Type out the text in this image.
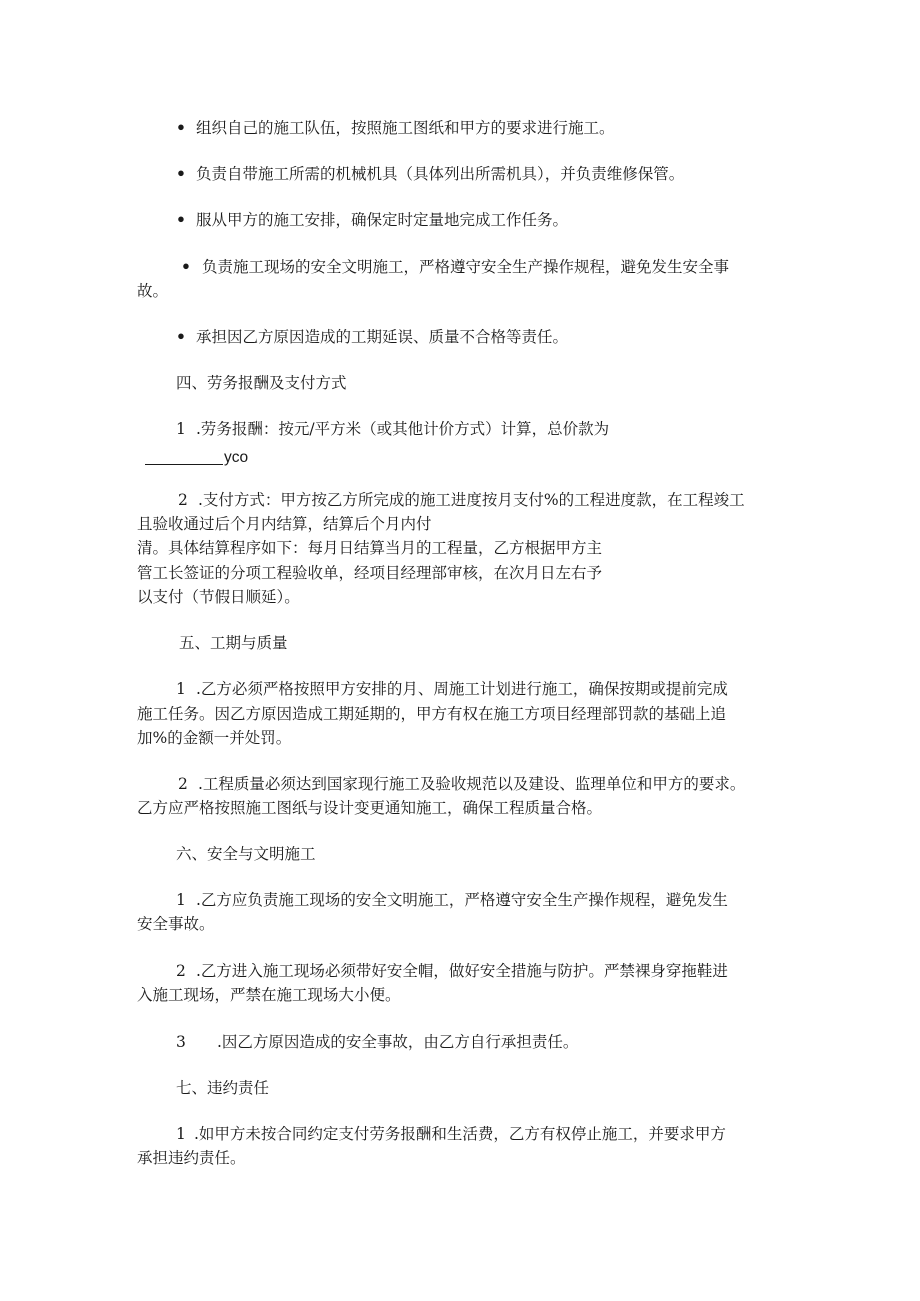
• 组织自己的施工队伍，按照施工图纸和甲方的要求进行施工。
• 负责自带施工所需的机械机具（具体列出所需机具），并负责维修保管。
• 服从甲方的施工安排，确保定时定量地完成工作任务。
• 负责施工现场的安全文明施工，严格遵守安全生产操作规程，避免发生安全事
故。
• 承担因乙方原因造成的工期延误、质量不合格等责任。
四、劳务报酬及支付方式
1 .劳务报酬：按元/平方米（或其他计价方式）计算，总价款为
yco
2 .支付方式：甲方按乙方所完成的施工进度按月支付%的工程进度款，在工程竣工
且验收通过后个月内结算，结算后个月内付
清。具体结算程序如下：每月日结算当月的工程量，乙方根据甲方主
管工长签证的分项工程验收单，经项目经理部审核，在次月日左右予
以支付（节假日顺延）。
五、工期与质量
1 .乙方必须严格按照甲方安排的月、周施工计划进行施工，确保按期或提前完成
施工任务。因乙方原因造成工期延期的，甲方有权在施工方项目经理部罚款的基础上追
加%的金额一并处罚。
2 .工程质量必须达到国家现行施工及验收规范以及建设、监理单位和甲方的要求。
乙方应严格按照施工图纸与设计变更通知施工，确保工程质量合格。
六、安全与文明施工
1 .乙方应负责施工现场的安全文明施工，严格遵守安全生产操作规程，避免发生
安全事故。
2 .乙方进入施工现场必须带好安全帽，做好安全措施与防护。严禁裸身穿拖鞋进
入施工现场，严禁在施工现场大小便。
3 .因乙方原因造成的安全事故，由乙方自行承担责任。
七、违约责任
1 .如甲方未按合同约定支付劳务报酬和生活费，乙方有权停止施工，并要求甲方
承担违约责任。
